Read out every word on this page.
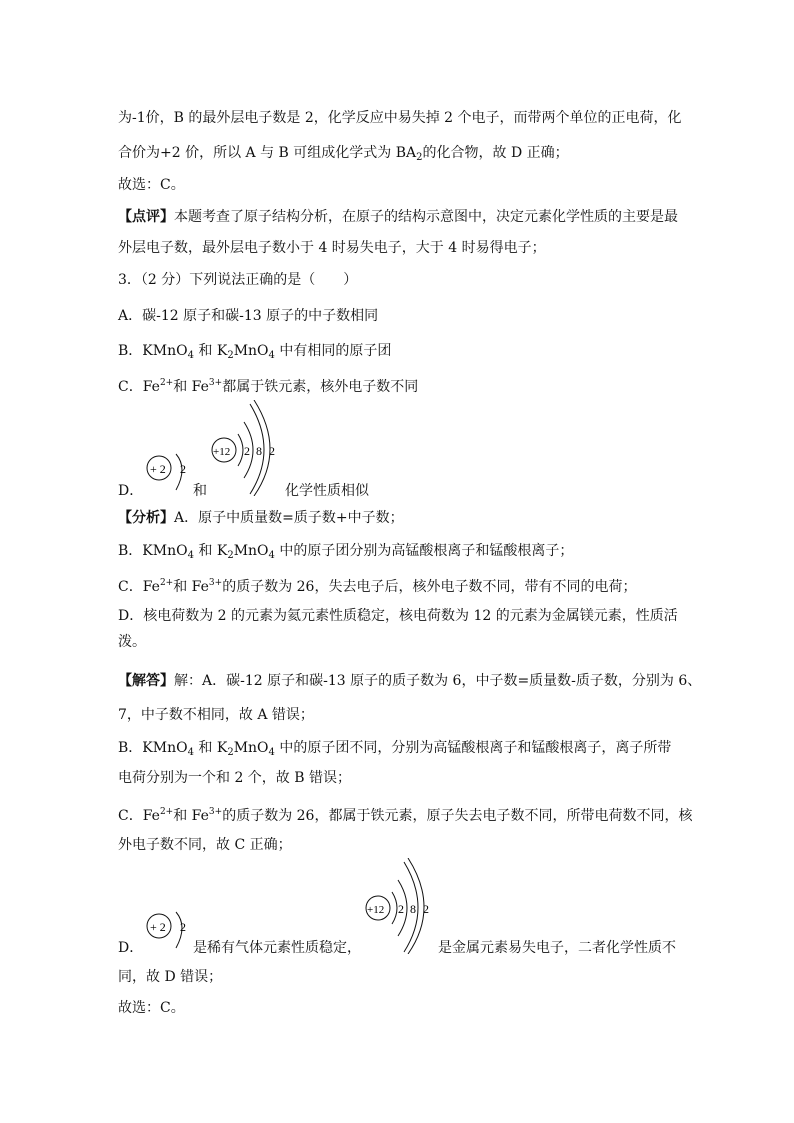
为-1价，B 的最外层电子数是 2，化学反应中易失掉 2 个电子，而带两个单位的正电荷，化
合价为+2 价，所以 A 与 B 可组成化学式为 $BA_2$的化合物，故 D 正确；
故选：C。
【点评】本题考查了原子结构分析，在原子的结构示意图中，决定元素化学性质的主要是最
外层电子数，最外层电子数小于 4 时易失电子，大于 4 时易得电子；
3．（2 分）下列说法正确的是（　　）
A．碳-12 原子和碳-13 原子的中子数相同
B．KMnO$_4$ 和 $K_2MnO_4$ 中有相同的原子团
C．$Fe^{2+}$和 $Fe^{3+}$都属于铁元素，核外电子数不同
D．	和	化学性质相似
+ 2 2
+12 2 8 2
【分析】A．原子中质量数=质子数+中子数；
B．KMnO$_4$ 和 $K_2MnO_4$ 中的原子团分别为高锰酸根离子和锰酸根离子；
C．$Fe^{2+}$和 $Fe^{3+}$的质子数为 26，失去电子后，核外电子数不同，带有不同的电荷；
D．核电荷数为 2 的元素为氦元素性质稳定，核电荷数为 12 的元素为金属镁元素，性质活
泼。
【解答】解：A．碳-12 原子和碳-13 原子的质子数为 6，中子数=质量数-质子数，分别为 6、
7，中子数不相同，故 A 错误；
B．KMnO$_4$ 和 $K_2MnO_4$ 中的原子团不同，分别为高锰酸根离子和锰酸根离子，离子所带
电荷分别为一个和 2 个，故 B 错误；
C．$Fe^{2+}$和 $Fe^{3+}$的质子数为 26，都属于铁元素，原子失去电子数不同，所带电荷数不同，核
外电子数不同，故 C 正确；
D．	是稀有气体元素性质稳定，	是金属元素易失电子，二者化学性质不
+ 2 2
+12 2 8 2
同，故 D 错误；
故选：C。
